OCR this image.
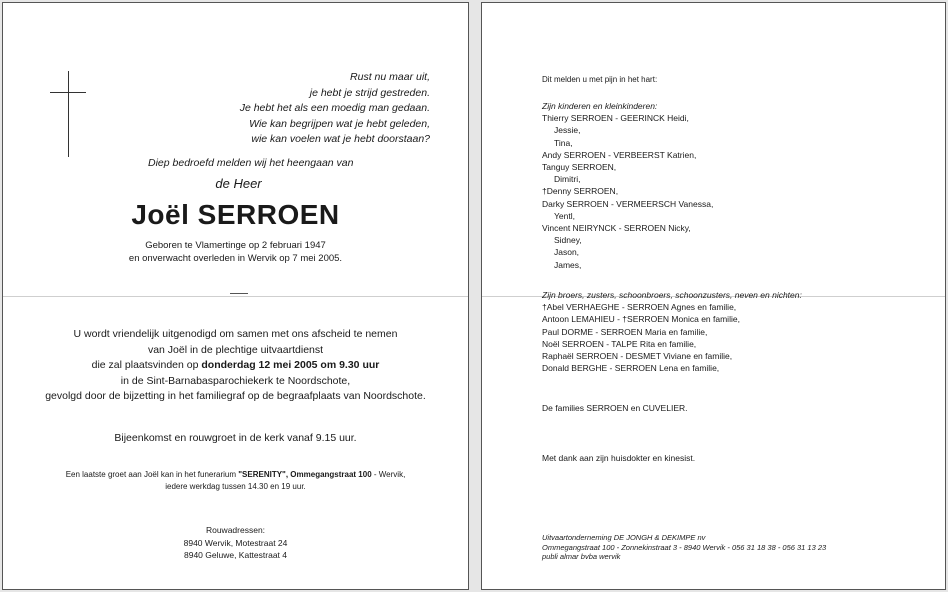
Rust nu maar uit,
je hebt je strijd gestreden.
Je hebt het als een moedig man gedaan.
Wie kan begrijpen wat je hebt geleden,
wie kan voelen wat je hebt doorstaan?
Diep bedroefd melden wij het heengaan van
de Heer
Joël SERROEN
Geboren te Vlamertinge op 2 februari 1947
en onverwacht overleden in Wervik op 7 mei 2005.
U wordt vriendelijk uitgenodigd om samen met ons afscheid te nemen
van Joël in de plechtige uitvaartdienst
die zal plaatsvinden op donderdag 12 mei 2005 om 9.30 uur
in de Sint-Barnabasparochiekerk te Noordschote,
gevolgd door de bijzetting in het familiegraf op de begraafplaats van Noordschote.
Bijeenkomst en rouwgroet in de kerk vanaf 9.15 uur.
Een laatste groet aan Joël kan in het funerarium "SERENITY", Ommegangstraat 100 - Wervik,
iedere werkdag tussen 14.30 en 19 uur.
Rouwadressen:
8940 Wervik, Motestraat 24
8940 Geluwe, Kattestraat 4
Dit melden u met pijn in het hart:
Zijn kinderen en kleinkinderen:
Thierry SERROEN - GEERINCK Heidi,
Jessie,
Tina,
Andy SERROEN - VERBEERST Katrien,
Tanguy SERROEN,
Dimitri,
†Denny SERROEN,
Darky SERROEN - VERMEERSCH Vanessa,
Yentl,
Vincent NEIRYNCK - SERROEN Nicky,
Sidney,
Jason,
James,
Zijn broers, zusters, schoonbroers, schoonzusters, neven en nichten:
†Abel VERHAEGHE - SERROEN Agnes en familie,
Antoon LEMAHIEU - †SERROEN Monica en familie,
Paul DORME - SERROEN Maria en familie,
Noël SERROEN - TALPE Rita en familie,
Raphaël SERROEN - DESMET Viviane en familie,
Donald BERGHE - SERROEN Lena en familie,
De families SERROEN en CUVELIER.
Met dank aan zijn huisdokter en kinesist.
Uitvaartonderneming DE JONGH & DEKIMPE nv
Ommegangstraat 100 - Zonnekinstraat 3 - 8940 Wervik - 056 31 18 38 - 056 31 13 23
publi almar bvba wervik
